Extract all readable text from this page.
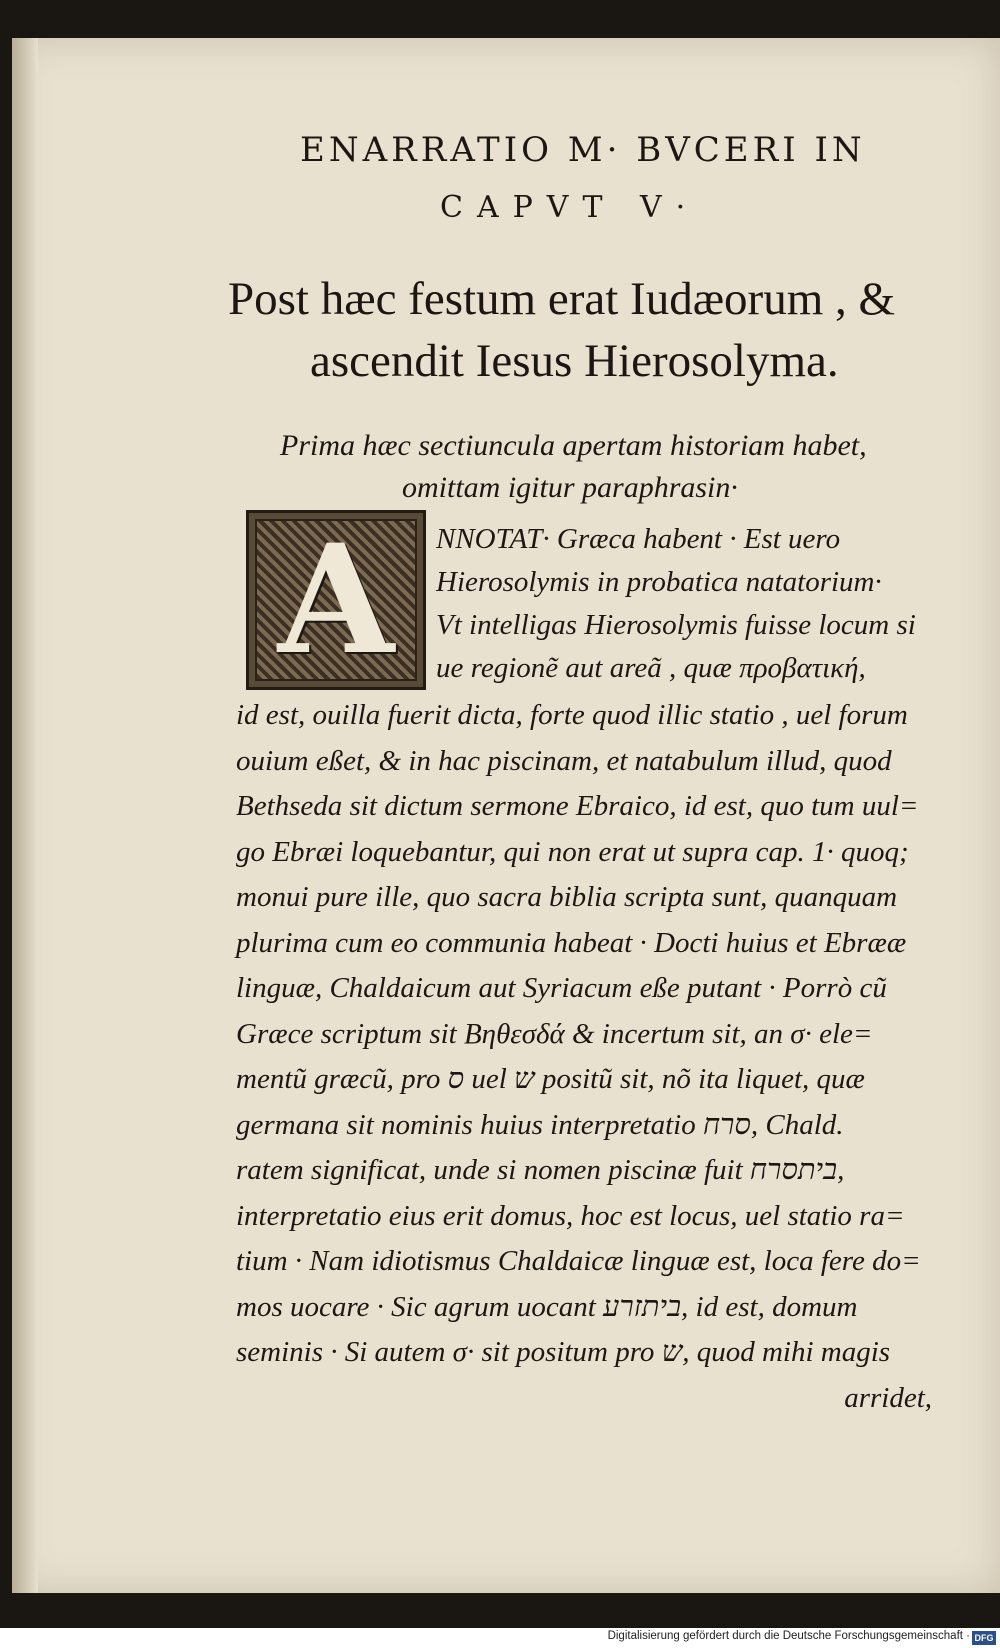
ENARRATIO M· BVCERI IN
CAPVT V·
Post hæc festum erat Iudæorum , &
ascendit Iesus Hierosolyma.
Prima hæc sectiuncula apertam historiam habet,
omittam igitur paraphrasin·
A	NNOTAT· Græca habent · Est uero
Hierosolymis in probatica natatorium·
Vt intelligas Hierosolymis fuisse locum si
ue regionẽ aut areã , quæ προβατική,
id est, ouilla fuerit dicta, forte quod illic statio , uel forum
ouium eßet, & in hac piscinam, et natabulum illud, quod
Bethseda sit dictum sermone Ebraico, id est, quo tum uul=
go Ebræi loquebantur, qui non erat ut supra cap. 1· quoq;
monui pure ille, quo sacra biblia scripta sunt, quanquam
plurima cum eo communia habeat · Docti huius et Ebrææ
linguæ, Chaldaicum aut Syriacum eße putant · Porrò cũ
Græce scriptum sit Βηθεσδά & incertum sit, an σ· ele=
mentũ græcũ, pro ס uel ש positũ sit, nõ ita liquet, quæ
germana sit nominis huius interpretatio סרח, Chald.
ratem significat, unde si nomen piscinæ fuit ביתסרח,
interpretatio eius erit domus, hoc est locus, uel statio ra=
tium · Nam idiotismus Chaldaicæ linguæ est, loca fere do=
mos uocare · Sic agrum uocant ביתזרע, id est, domum
seminis · Si autem σ· sit positum pro ש, quod mihi magis
arridet,
Digitalisierung gefördert durch die Deutsche Forschungsgemeinschaft · DFG
